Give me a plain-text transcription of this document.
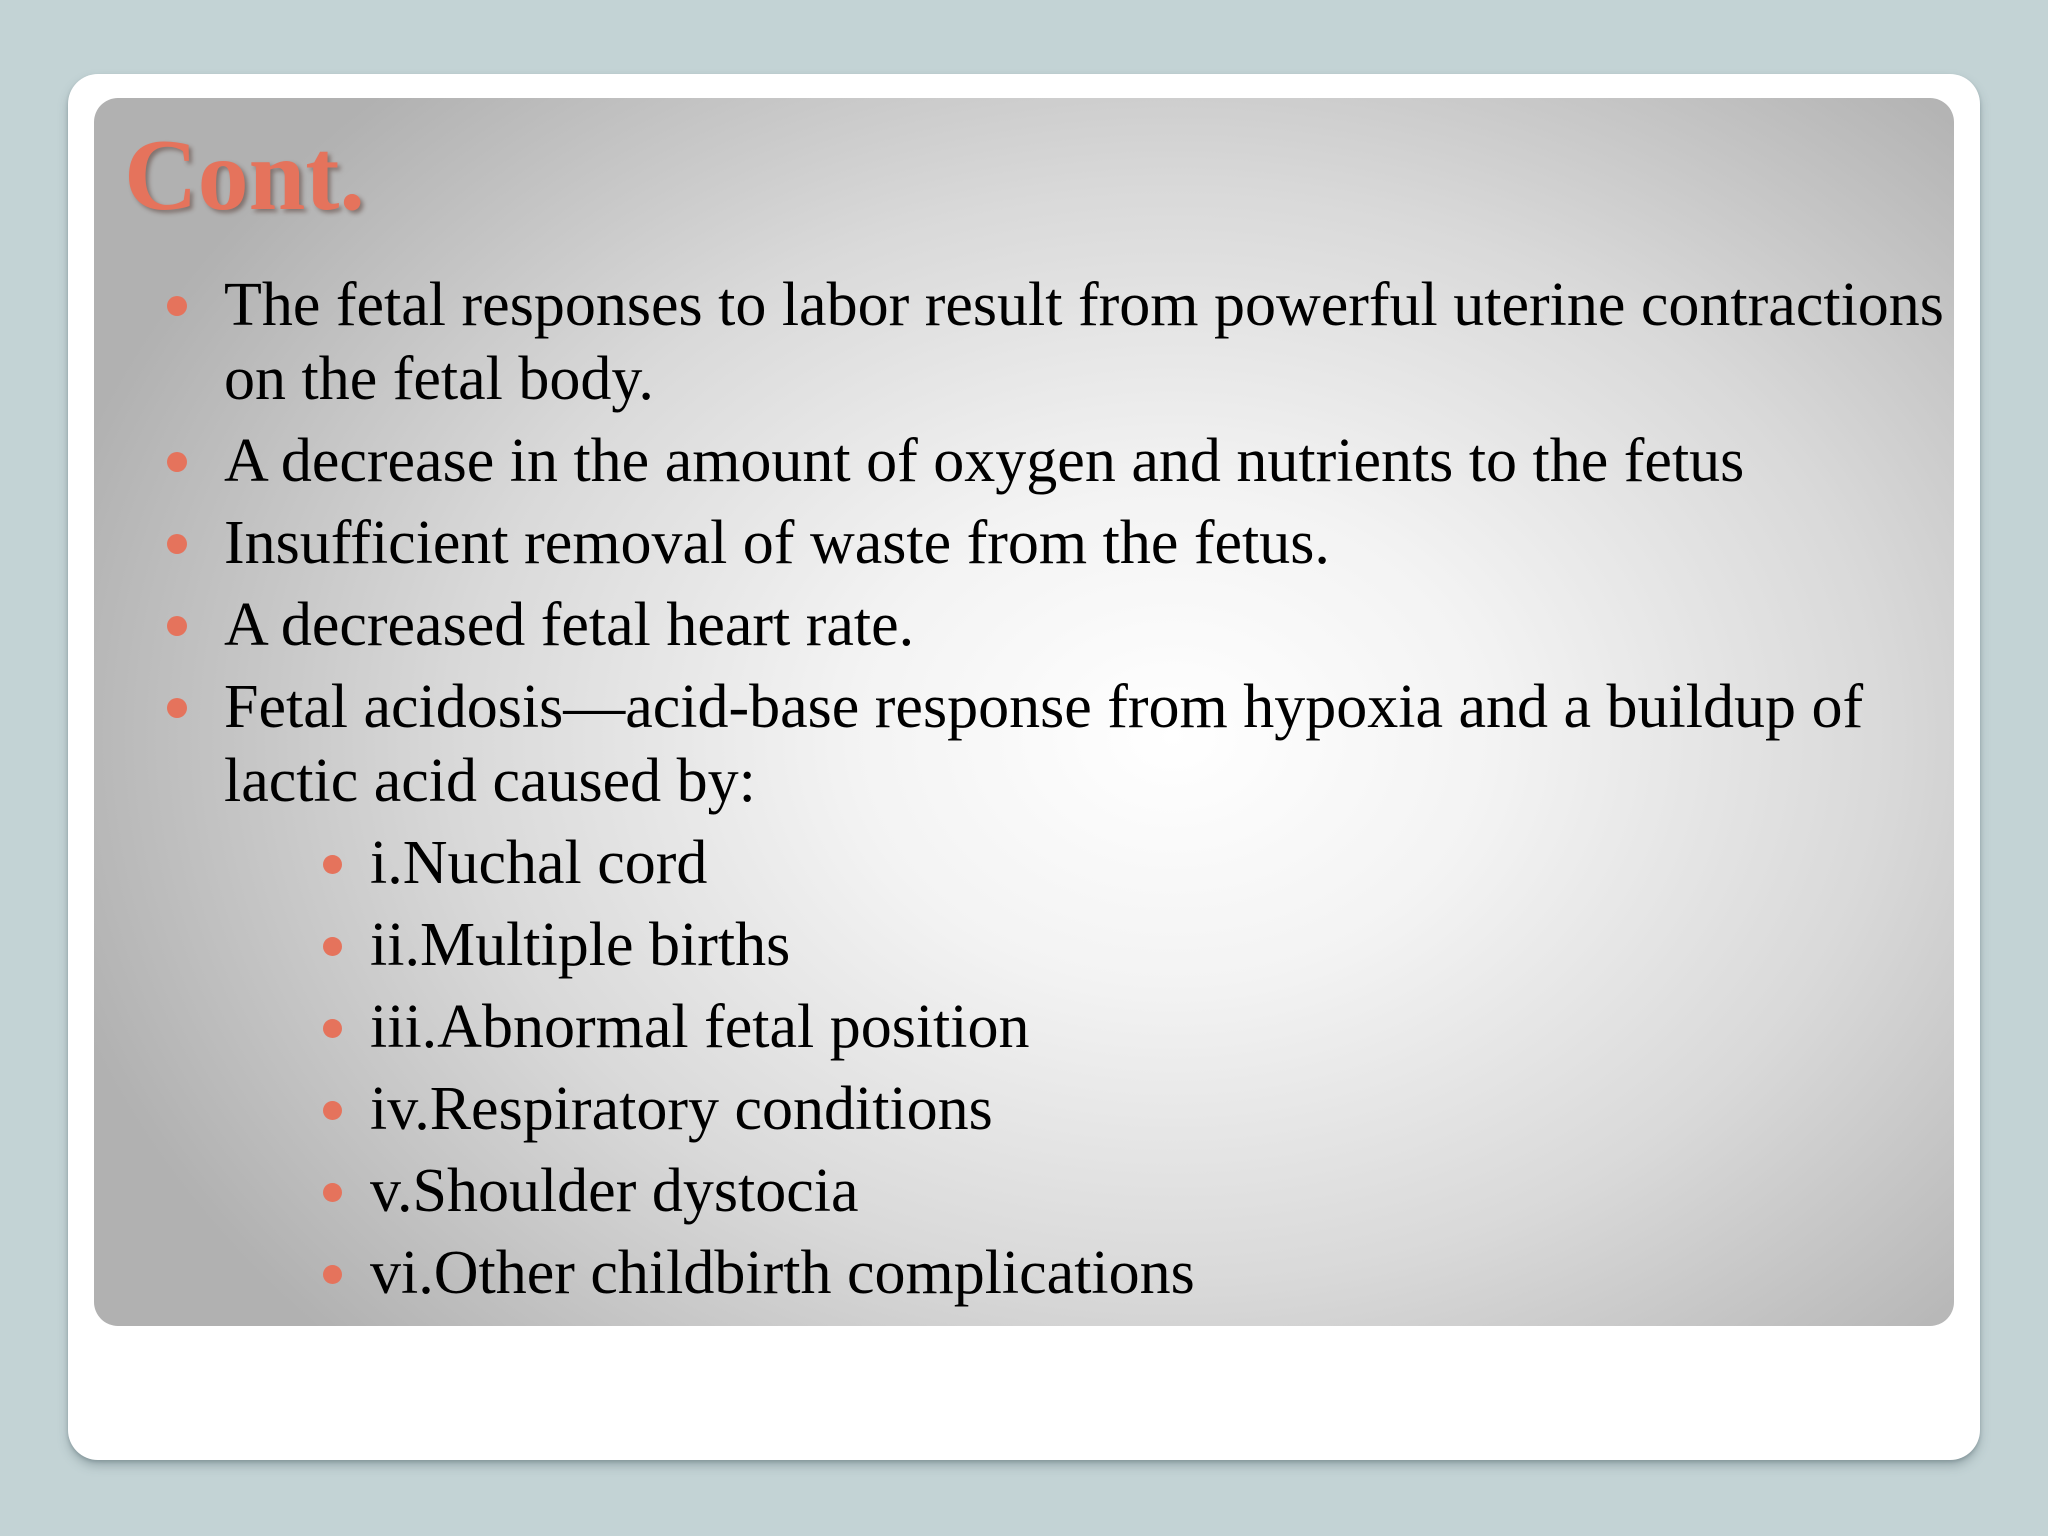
Cont.
The fetal responses to labor result from powerful uterine contractions on the fetal body.
A decrease in the amount of oxygen and nutrients to the fetus
Insufficient removal of waste from the fetus.
A decreased fetal heart rate.
Fetal acidosis—acid-base response from hypoxia and a buildup of lactic acid caused by:
i.Nuchal cord
ii.Multiple births
iii.Abnormal fetal position
iv.Respiratory conditions
v.Shoulder dystocia
vi.Other childbirth complications
